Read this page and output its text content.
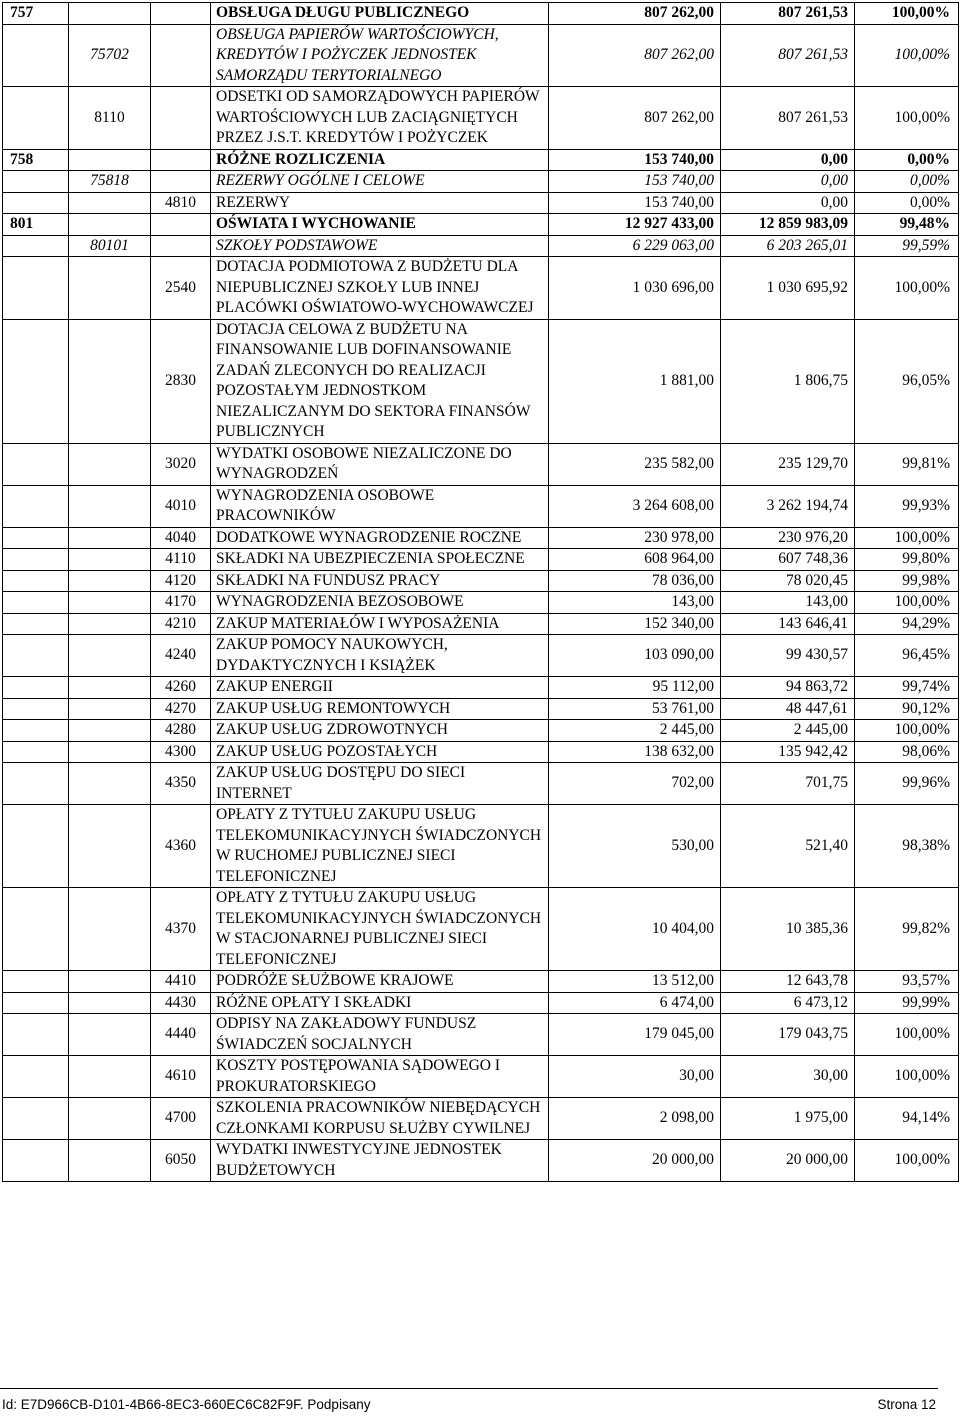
757			OBSŁUGA DŁUGU PUBLICZNEGO	807 262,00	807 261,53	100,00%
	75702		OBSŁUGA PAPIERÓW WARTOŚCIOWYCH, KREDYTÓW I POŻYCZEK JEDNOSTEK SAMORZĄDU TERYTORIALNEGO	807 262,00	807 261,53	100,00%
	8110		ODSETKI OD SAMORZĄDOWYCH PAPIERÓW WARTOŚCIOWYCH LUB ZACIĄGNIĘTYCH PRZEZ J.S.T. KREDYTÓW I POŻYCZEK	807 262,00	807 261,53	100,00%
758			RÓŻNE ROZLICZENIA	153 740,00	0,00	0,00%
	75818		REZERWY OGÓLNE I CELOWE	153 740,00	0,00	0,00%
		4810	REZERWY	153 740,00	0,00	0,00%
801			OŚWIATA I WYCHOWANIE	12 927 433,00	12 859 983,09	99,48%
	80101		SZKOŁY PODSTAWOWE	6 229 063,00	6 203 265,01	99,59%
		2540	DOTACJA PODMIOTOWA Z BUDŻETU DLA NIEPUBLICZNEJ SZKOŁY LUB INNEJ PLACÓWKI OŚWIATOWO-WYCHOWAWCZEJ	1 030 696,00	1 030 695,92	100,00%
		2830	DOTACJA CELOWA Z BUDŻETU NA FINANSOWANIE LUB DOFINANSOWANIE ZADAŃ ZLECONYCH DO REALIZACJI POZOSTAŁYM JEDNOSTKOM NIEZALICZANYM DO SEKTORA FINANSÓW PUBLICZNYCH	1 881,00	1 806,75	96,05%
		3020	WYDATKI OSOBOWE NIEZALICZONE DO WYNAGRODZEŃ	235 582,00	235 129,70	99,81%
		4010	WYNAGRODZENIA OSOBOWE PRACOWNIKÓW	3 264 608,00	3 262 194,74	99,93%
		4040	DODATKOWE WYNAGRODZENIE ROCZNE	230 978,00	230 976,20	100,00%
		4110	SKŁADKI NA UBEZPIECZENIA SPOŁECZNE	608 964,00	607 748,36	99,80%
		4120	SKŁADKI NA FUNDUSZ PRACY	78 036,00	78 020,45	99,98%
		4170	WYNAGRODZENIA BEZOSOBOWE	143,00	143,00	100,00%
		4210	ZAKUP MATERIAŁÓW I WYPOSAŻENIA	152 340,00	143 646,41	94,29%
		4240	ZAKUP POMOCY NAUKOWYCH, DYDAKTYCZNYCH I KSIĄŻEK	103 090,00	99 430,57	96,45%
		4260	ZAKUP ENERGII	95 112,00	94 863,72	99,74%
		4270	ZAKUP USŁUG REMONTOWYCH	53 761,00	48 447,61	90,12%
		4280	ZAKUP USŁUG ZDROWOTNYCH	2 445,00	2 445,00	100,00%
		4300	ZAKUP USŁUG POZOSTAŁYCH	138 632,00	135 942,42	98,06%
		4350	ZAKUP USŁUG DOSTĘPU DO SIECI INTERNET	702,00	701,75	99,96%
		4360	OPŁATY Z TYTUŁU ZAKUPU USŁUG TELEKOMUNIKACYJNYCH ŚWIADCZONYCH W RUCHOMEJ PUBLICZNEJ SIECI TELEFONICZNEJ	530,00	521,40	98,38%
		4370	OPŁATY Z TYTUŁU ZAKUPU USŁUG TELEKOMUNIKACYJNYCH ŚWIADCZONYCH W STACJONARNEJ PUBLICZNEJ SIECI TELEFONICZNEJ	10 404,00	10 385,36	99,82%
		4410	PODRÓŻE SŁUŻBOWE KRAJOWE	13 512,00	12 643,78	93,57%
		4430	RÓŻNE OPŁATY I SKŁADKI	6 474,00	6 473,12	99,99%
		4440	ODPISY NA ZAKŁADOWY FUNDUSZ ŚWIADCZEŃ SOCJALNYCH	179 045,00	179 043,75	100,00%
		4610	KOSZTY POSTĘPOWANIA SĄDOWEGO I PROKURATORSKIEGO	30,00	30,00	100,00%
		4700	SZKOLENIA PRACOWNIKÓW NIEBĘDĄCYCH CZŁONKAMI KORPUSU SŁUŻBY CYWILNEJ	2 098,00	1 975,00	94,14%
		6050	WYDATKI INWESTYCYJNE JEDNOSTEK BUDŻETOWYCH	20 000,00	20 000,00	100,00%
Id: E7D966CB-D101-4B66-8EC3-660EC6C82F9F. Podpisany	Strona 12
